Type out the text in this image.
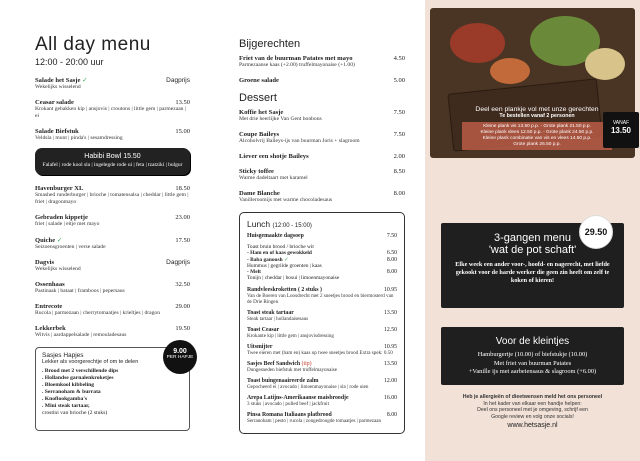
All day menu
12:00 - 20:00 uur
Salade het Sasje ✓	Dagprijs
Wekelijks wisselend
Ceasar salade	13.50
Krokant gebakken kip | ansjovis | croutons | little gem | parmezaan | ei
Salade Biefstuk	15.00
Veldsla | munt | pinda's | sesamdressing
Habibi Bowl 15.50
Falafel | rode kool sla | ingelegde rode ui | feta | tzatziki | bulgur
Havenburger XL	18.50
Smashed runderburger | brioche | tomatensalsa | cheddar | little gem | friet | dragonmayo
Gebraden kippetje	23.00
friet | salade | eitje met mayo
Quiche ✓	17.50
Seizoensgroenten | verse salade
Dagvis	Dagprijs
Wekelijks wisselend
Ossenhaas	32.50
Pastinaak | bataat | framboos | pepersaus
Entrecote	29.00
Rucola | parmezaan | cherrytomaatjes | krieltjes | dragon
Lekkerbek	19.50
Witvis | aardappelsalade | remouladesaus
Sasjes Hapjes
Lekker als voorgerechtje of om te delen
. Brood met 2 verschillende dips
. Hollandse garnalenkroketjes
. Bloemkool kibbeling
. Serranoham & burrata
. Knoflookgamba's
. Mini steak tartaar,
crostini van brioche (2 stuks)
9.00
PER HAPJE
Bijgerechten
Friet van de buurman Patates met mayo	4.50
Parmezaanse kaas (+2.00) truffelmayonaise (+1.00)
Groene salade	5.00
Dessert
Koffie het Sasje	7.50
Met drie heerlijke Van Gent bonbons
Coupe Baileys	7.50
Alcoholvrij Baileys-ijs van buurman Joris + slagroom
Liever een shotje Baileys	2.00
Sticky toffee	8.50
Warme dadeltaart met karamel
Dame Blanche	8.00
Vanilleroomijs met warme chocoladesaus
Lunch (12:00 - 15:00)
Huisgemaakte dagsoep	7.50
Toast bruin brood / brioche wit
- Ham en of kaas gewokkeld	6.50
- Baba ganoush ✓	8.00
Hummus | gegrilde groenten | kaas
- Melt	8.00
Tonijn | cheddar | bosui | limoenmayonaise
Randvleeskroketten ( 2 stuks )	10.95
Van de Boeren van Loosdrecht met 2 sneetjes brood en biermosterd van de Drie Ringen
Toast steak tartaar	13.50
Steak tartaar | hollandaisesaus
Toast Ceasar	12.50
Krokante kip | little gem | ansjovisdressing
Uitsmijter	10.95
Twee eieren met (ham en) kaas op twee sneetjes brood Extra spek: 0.50
Sasjes Beef Sandwich (tip)	13.50
Dungesneden biefstuk met truffelmayonaise
Toast buingenaaireerde zalm	12.00
Gepocheerd ei | avocado | limoenmayonaise | sla | rode uien
Arepa Latijns-Amerikaanse maisbroodje	16.00
3 stuks | avocado | pulled beef | jackfruit
Pinsa Romana Italiaans platbrood	8.00
Serranoham | pesto | rucola | zongedroogde tomaatjes | parmezaan
Deel een plankje vol met unze gerechten
Te bestellen vanaf 2 personen
Kleine plank vis 13.50 p.p. - Grote plank 21.50 p.p.
Kleine plank vlees 12.50 p.p. - Grote plank 24.50 p.p.
Kleine plank combinatie van vis en vlees 14.50 p.p.
Grote plank 26.50 p.p.
VANAF
13.50
3-gangen menu
'wat de pot schaft'
Elke week een ander voor-, hoofd- en nagerecht, met liefde gekookt voor de harde werker die geen zin heeft om zelf te koken of kieren!
29.50
Voor de kleintjes
Hamburgertje (10.00) of biefstukje (10.00)
Met friet van buurman Patates
+Vanille ijs met aarbeiensaus & slagroom (+6.00)
Heb je allergieën of dieetwensen meld het ons personeel
In het kader van elkaar een handje helpen:
Deel ons personeel met je omgeving, schrijf een
Google review en volg onze socials!
www.hetsasje.nl
